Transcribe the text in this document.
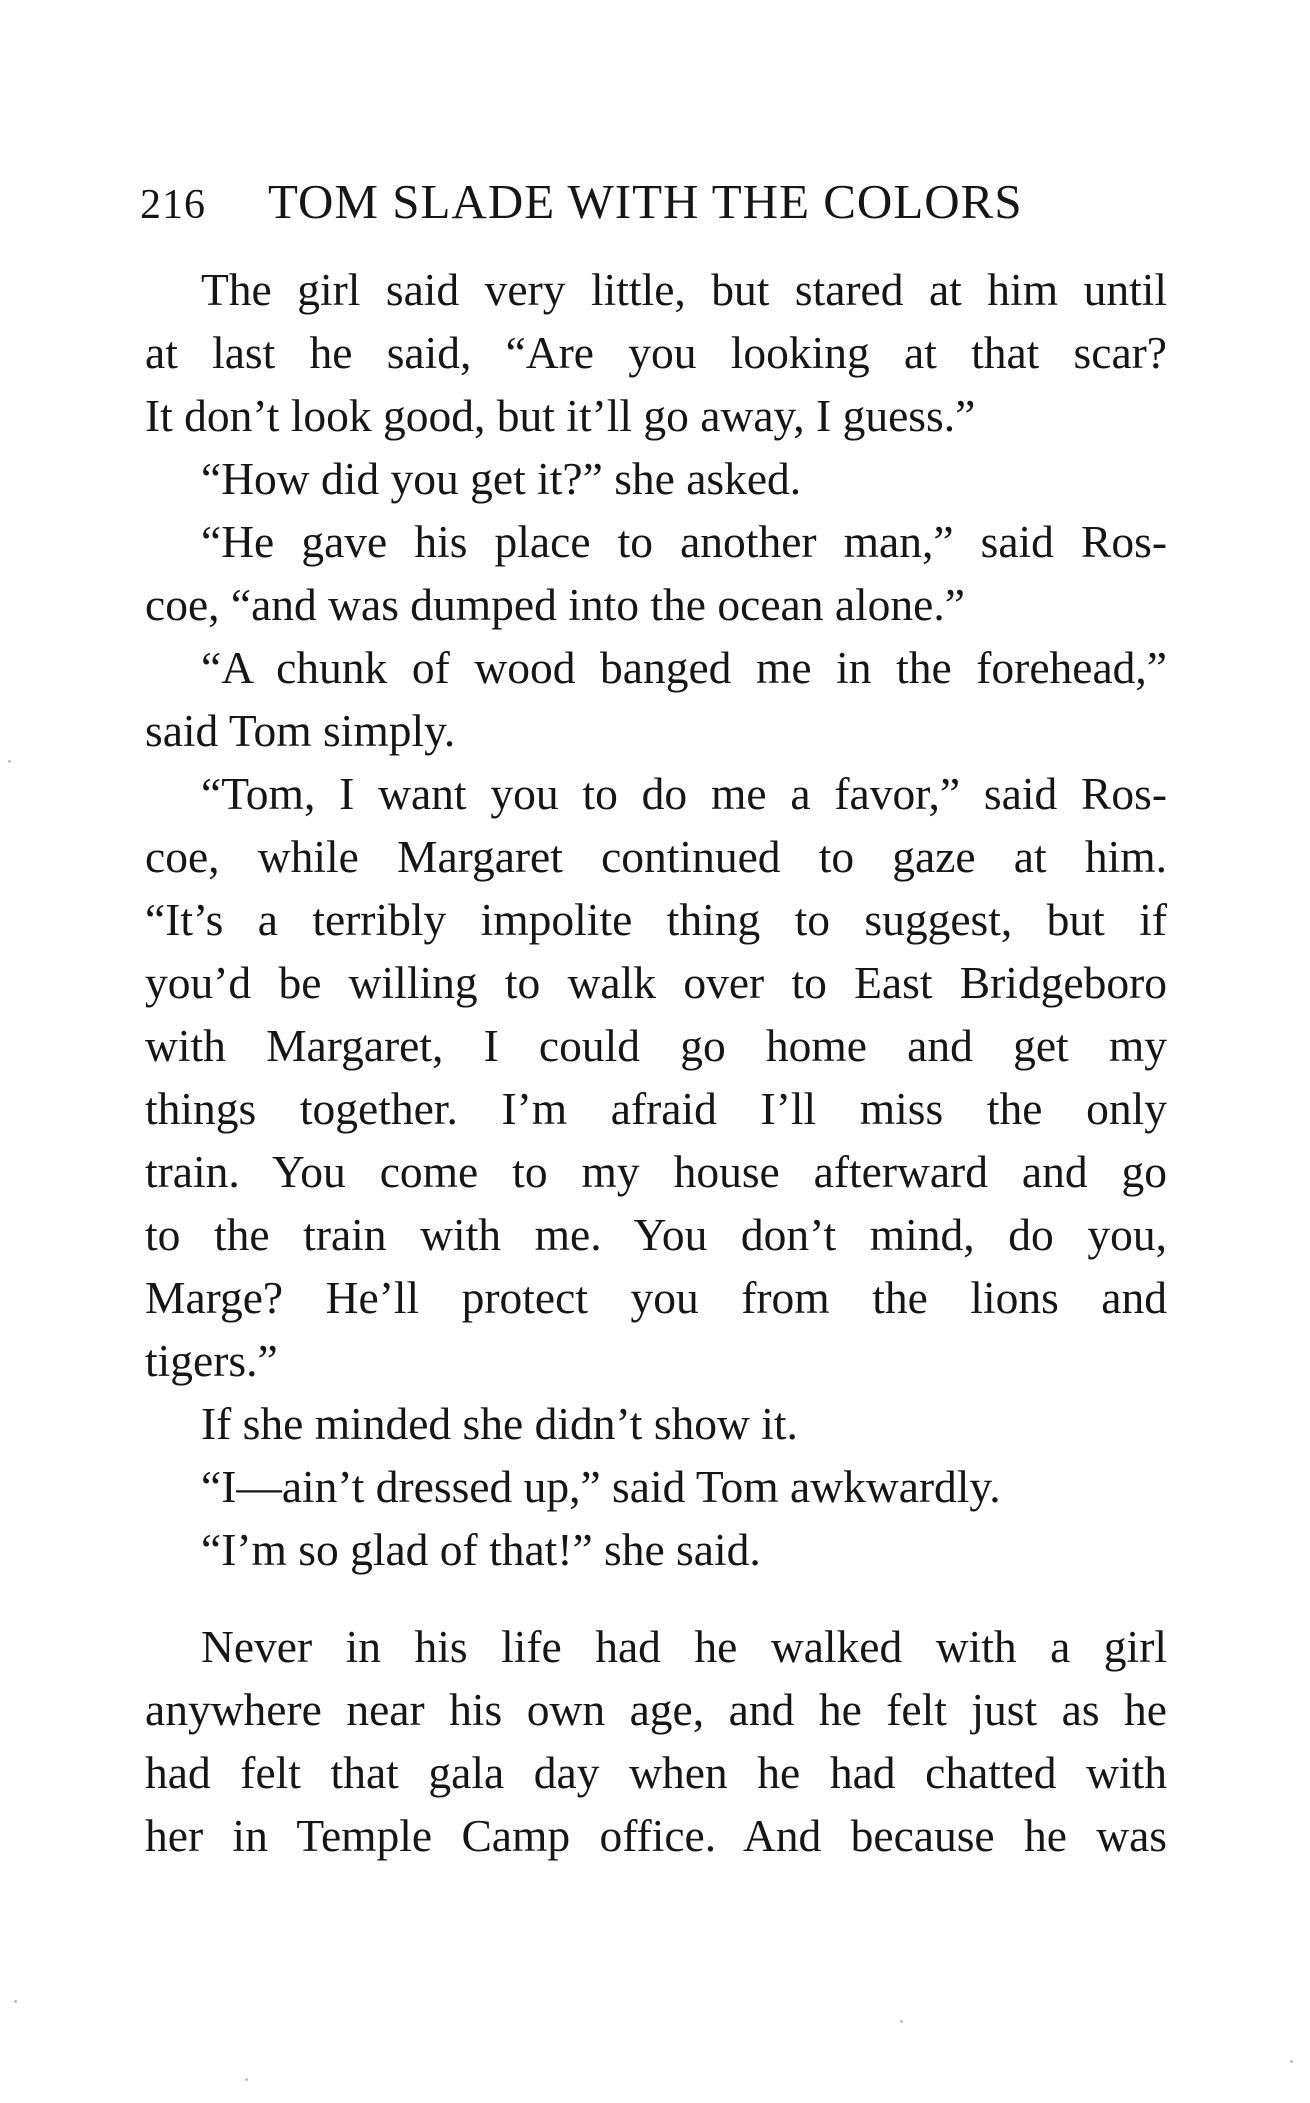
216 TOM SLADE WITH THE COLORS
The girl said very little, but stared at him until
at last he said, “Are you looking at that scar?
It don’t look good, but it’ll go away, I guess.”
“How did you get it?” she asked.
“He gave his place to another man,” said Ros-
coe, “and was dumped into the ocean alone.”
“A chunk of wood banged me in the forehead,”
said Tom simply.
“Tom, I want you to do me a favor,” said Ros-
coe, while Margaret continued to gaze at him.
“It’s a terribly impolite thing to suggest, but if
you’d be willing to walk over to East Bridgeboro
with Margaret, I could go home and get my
things together. I’m afraid I’ll miss the only
train. You come to my house afterward and go
to the train with me. You don’t mind, do you,
Marge? He’ll protect you from the lions and
tigers.”
If she minded she didn’t show it.
“I—ain’t dressed up,” said Tom awkwardly.
“I’m so glad of that!” she said.
Never in his life had he walked with a girl
anywhere near his own age, and he felt just as he
had felt that gala day when he had chatted with
her in Temple Camp office. And because he was
